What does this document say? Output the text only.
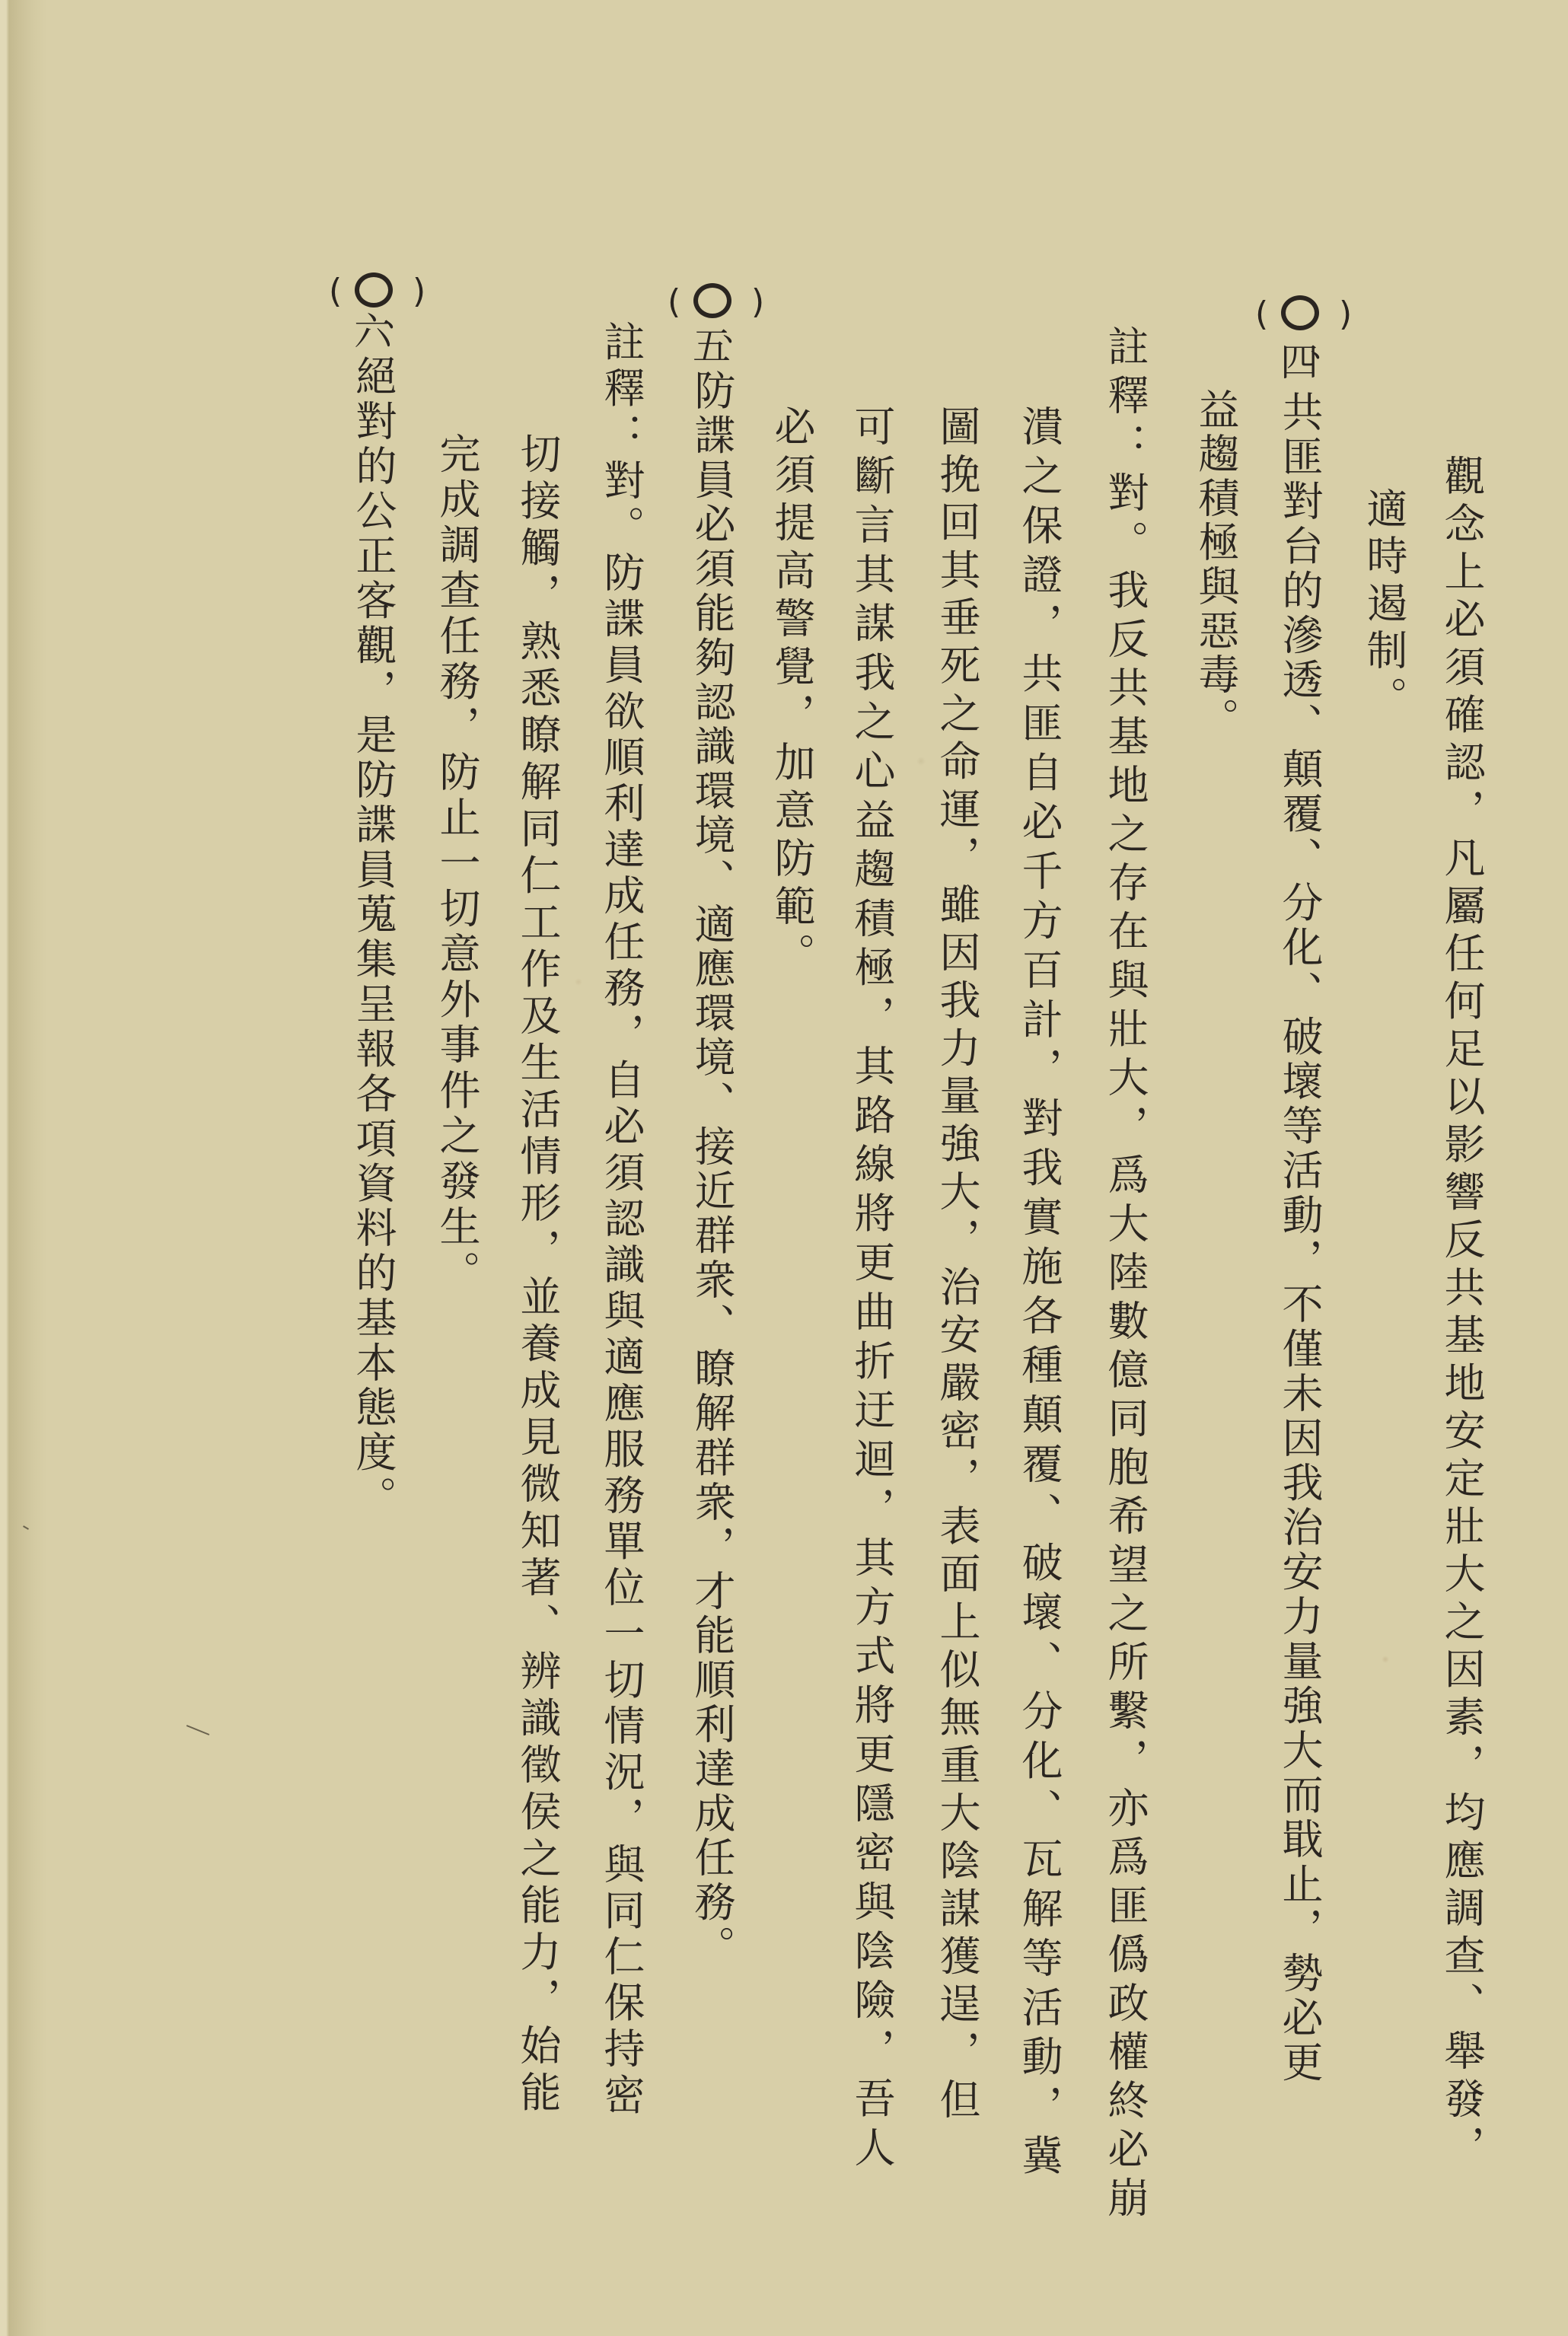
觀念上必須確認，凡屬任何足以影響反共基地安定壯大之因素，均應調查、舉發，
適時遏制。
( )
四
、
共匪對台的滲透、顛覆、分化、破壞等活動，不僅未因我治安力量強大而戢止，勢必更
益趨積極與惡毒。
註釋：對。我反共基地之存在與壯大，爲大陸數億同胞希望之所繫，亦爲匪僞政權終必崩
潰之保證，共匪自必千方百計，對我實施各種顛覆、破壞、分化、瓦解等活動，冀
圖挽回其垂死之命運，雖因我力量強大，治安嚴密，表面上似無重大陰謀獲逞，但
可斷言其謀我之心益趨積極，其路線將更曲折迂迴，其方式將更隱密與陰險，吾人
必須提高警覺，加意防範。
( )
五
、
防諜員必須能夠認識環境、適應環境、接近群衆、瞭解群衆，才能順利達成任務。
註釋：對。防諜員欲順利達成任務，自必須認識與適應服務單位一切情況，與同仁保持密
切接觸，熟悉瞭解同仁工作及生活情形，並養成見微知著、辨識徵侯之能力，始能
完成調查任務，防止一切意外事件之發生。
( )
六
、
絕對的公正客觀，是防諜員蒐集呈報各項資料的基本態度。
